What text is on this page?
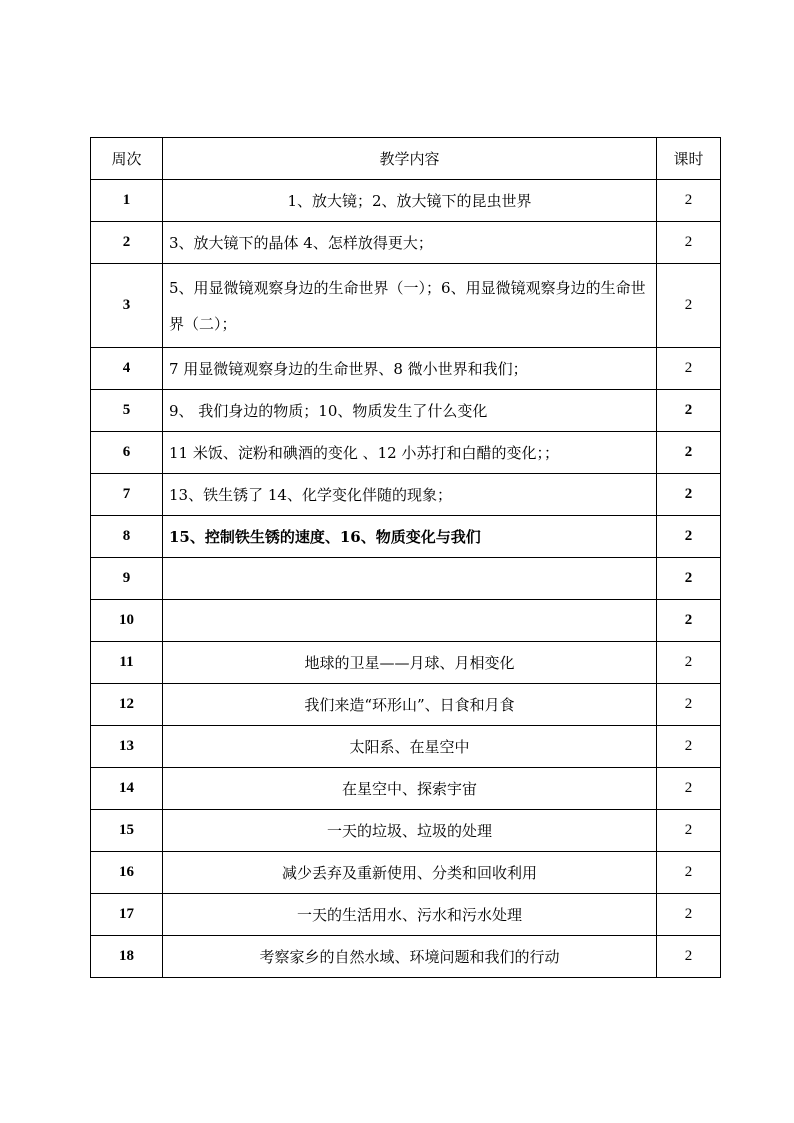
周次	教学内容	课时
1	1、放大镜；2、放大镜下的昆虫世界	2
2	3、放大镜下的晶体 4、怎样放得更大；	2
3	5、用显微镜观察身边的生命世界（一）；6、用显微镜观察身边的生命世界（二）；	2
4	7 用显微镜观察身边的生命世界、8 微小世界和我们；	2
5	9、 我们身边的物质；10、物质发生了什么变化	2
6	11 米饭、淀粉和碘酒的变化 、12 小苏打和白醋的变化；；	2
7	13、铁生锈了 14、化学变化伴随的现象；	2
8	15、控制铁生锈的速度、16、物质变化与我们	2
9		2
10		2
11	地球的卫星——月球、月相变化	2
12	我们来造“环形山”、日食和月食	2
13	太阳系、在星空中	2
14	在星空中、探索宇宙	2
15	一天的垃圾、垃圾的处理	2
16	减少丢弃及重新使用、分类和回收利用	2
17	一天的生活用水、污水和污水处理	2
18	考察家乡的自然水域、环境问题和我们的行动	2
